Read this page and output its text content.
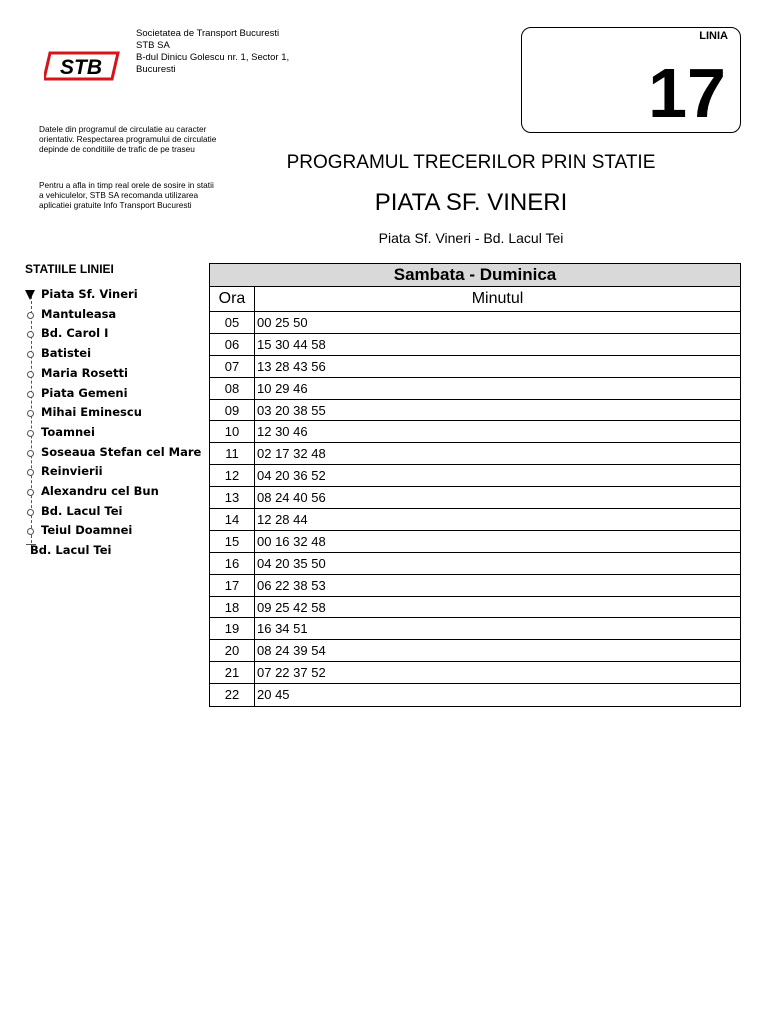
STB
Societatea de Transport Bucuresti
STB SA
B-dul Dinicu Golescu nr. 1, Sector 1,
Bucuresti
LINIA
17
Datele din programul de circulatie au caracter orientativ. Respectarea programului de circulatie depinde de conditiile de trafic de pe traseu
Pentru a afla in timp real orele de sosire in statii a vehiculelor, STB SA recomanda utilizarea aplicatiei gratuite Info Transport Bucuresti
PROGRAMUL TRECERILOR PRIN STATIE
PIATA SF. VINERI
Piata Sf. Vineri - Bd. Lacul Tei
STATIILE LINIEI
Piata Sf. Vineri
Mantuleasa
Bd. Carol I
Batistei
Maria Rosetti
Piata Gemeni
Mihai Eminescu
Toamnei
Soseaua Stefan cel Mare
Reinvierii
Alexandru cel Bun
Bd. Lacul Tei
Teiul Doamnei
Bd. Lacul Tei
Sambata - Duminica
Ora	Minutul
05	00 25 50
06	15 30 44 58
07	13 28 43 56
08	10 29 46
09	03 20 38 55
10	12 30 46
11	02 17 32 48
12	04 20 36 52
13	08 24 40 56
14	12 28 44
15	00 16 32 48
16	04 20 35 50
17	06 22 38 53
18	09 25 42 58
19	16 34 51
20	08 24 39 54
21	07 22 37 52
22	20 45
